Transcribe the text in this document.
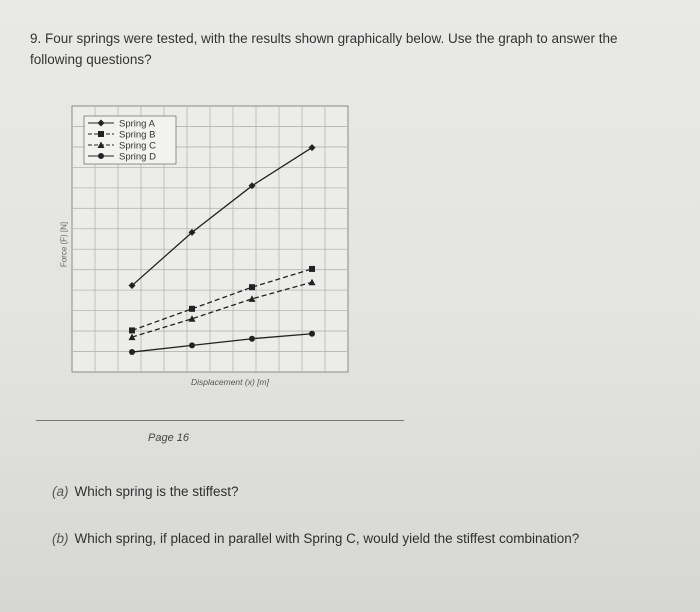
9. Four springs were tested, with the results shown graphically below. Use the graph to answer the
following questions?
Force (F) [N]
Spring A
Spring B
Spring C
Spring D
Displacement (x) [m]
Page 16
(a) Which spring is the stiffest?
(b) Which spring, if placed in parallel with Spring C, would yield the stiffest combination?
